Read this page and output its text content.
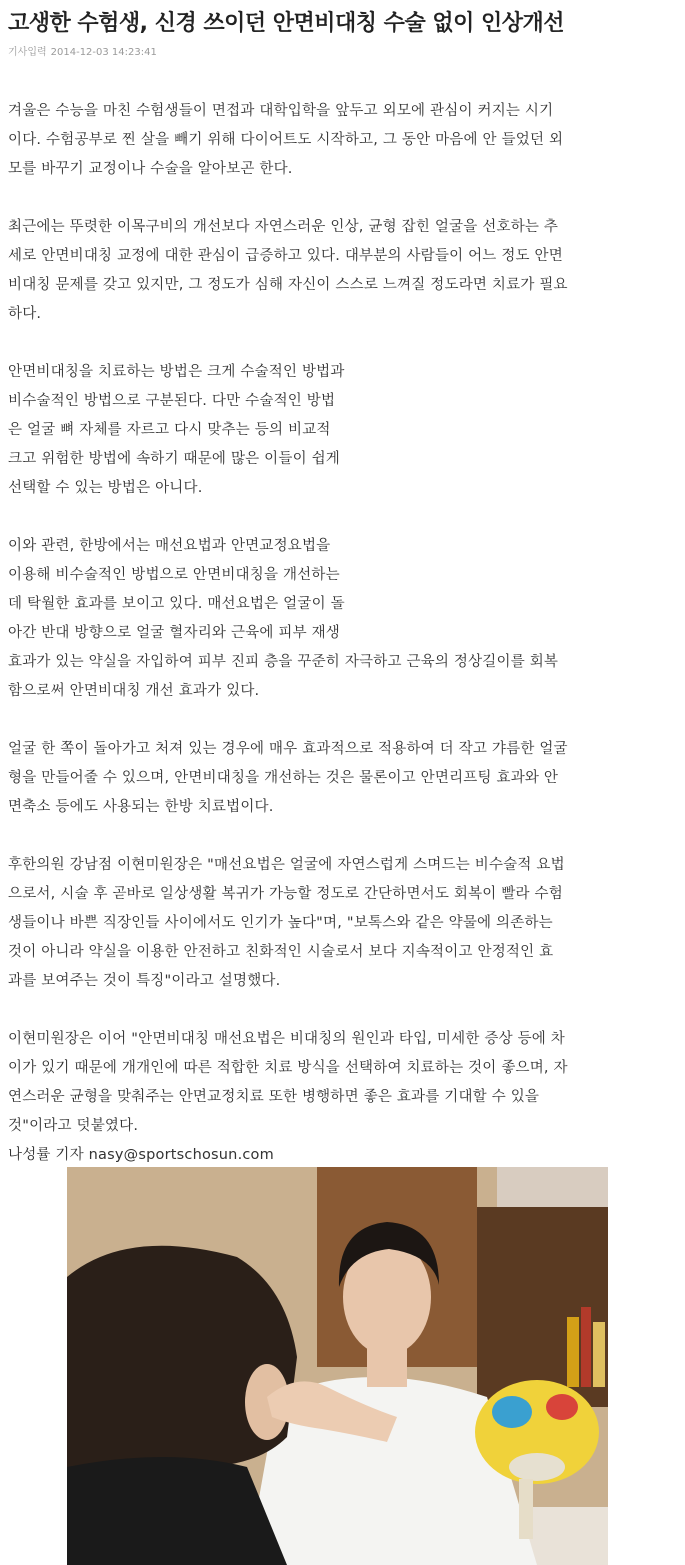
고생한 수험생, 신경 쓰이던 안면비대칭 수술 없이 인상개선
기사입력 2014-12-03 14:23:41

겨울은 수능을 마친 수험생들이 면접과 대학입학을 앞두고 외모에 관심이 커지는 시기
이다. 수험공부로 찐 살을 빼기 위해 다이어트도 시작하고, 그 동안 마음에 안 들었던 외
모를 바꾸기 교정이나 수술을 알아보곤 한다.

최근에는 뚜렷한 이목구비의 개선보다 자연스러운 인상, 균형 잡힌 얼굴을 선호하는 추
세로 안면비대칭 교정에 대한 관심이 급증하고 있다. 대부분의 사람들이 어느 정도 안면
비대칭 문제를 갖고 있지만, 그 정도가 심해 자신이 스스로 느껴질 정도라면 치료가 필요
하다.

안면비대칭을 치료하는 방법은 크게 수술적인 방법과
비수술적인 방법으로 구분된다. 다만 수술적인 방법
은 얼굴 뼈 자체를 자르고 다시 맞추는 등의 비교적
크고 위험한 방법에 속하기 때문에 많은 이들이 쉽게
선택할 수 있는 방법은 아니다.

이와 관련, 한방에서는 매선요법과 안면교정요법을
이용해 비수술적인 방법으로 안면비대칭을 개선하는
데 탁월한 효과를 보이고 있다. 매선요법은 얼굴이 돌
아간 반대 방향으로 얼굴 혈자리와 근육에 피부 재생
효과가 있는 약실을 자입하여 피부 진피 층을 꾸준히 자극하고 근육의 정상길이를 회복
함으로써 안면비대칭 개선 효과가 있다.

얼굴 한 쪽이 돌아가고 처져 있는 경우에 매우 효과적으로 적용하여 더 작고 갸름한 얼굴
형을 만들어줄 수 있으며, 안면비대칭을 개선하는 것은 물론이고 안면리프팅 효과와 안
면축소 등에도 사용되는 한방 치료법이다.

후한의원 강남점 이현미원장은 "매선요법은 얼굴에 자연스럽게 스며드는 비수술적 요법
으로서, 시술 후 곧바로 일상생활 복귀가 가능할 정도로 간단하면서도 회복이 빨라 수험
생들이나 바쁜 직장인들 사이에서도 인기가 높다"며, "보톡스와 같은 약물에 의존하는
것이 아니라 약실을 이용한 안전하고 친화적인 시술로서 보다 지속적이고 안정적인 효
과를 보여주는 것이 특징"이라고 설명했다.

이현미원장은 이어 "안면비대칭 매선요법은 비대칭의 원인과 타입, 미세한 증상 등에 차
이가 있기 때문에 개개인에 따른 적합한 치료 방식을 선택하여 치료하는 것이 좋으며, 자
연스러운 균형을 맞춰주는 안면교정치료 또한 병행하면 좋은 효과를 기대할 수 있을
것"이라고 덧붙였다.
나성률 기자 nasy@sportschosun.com
